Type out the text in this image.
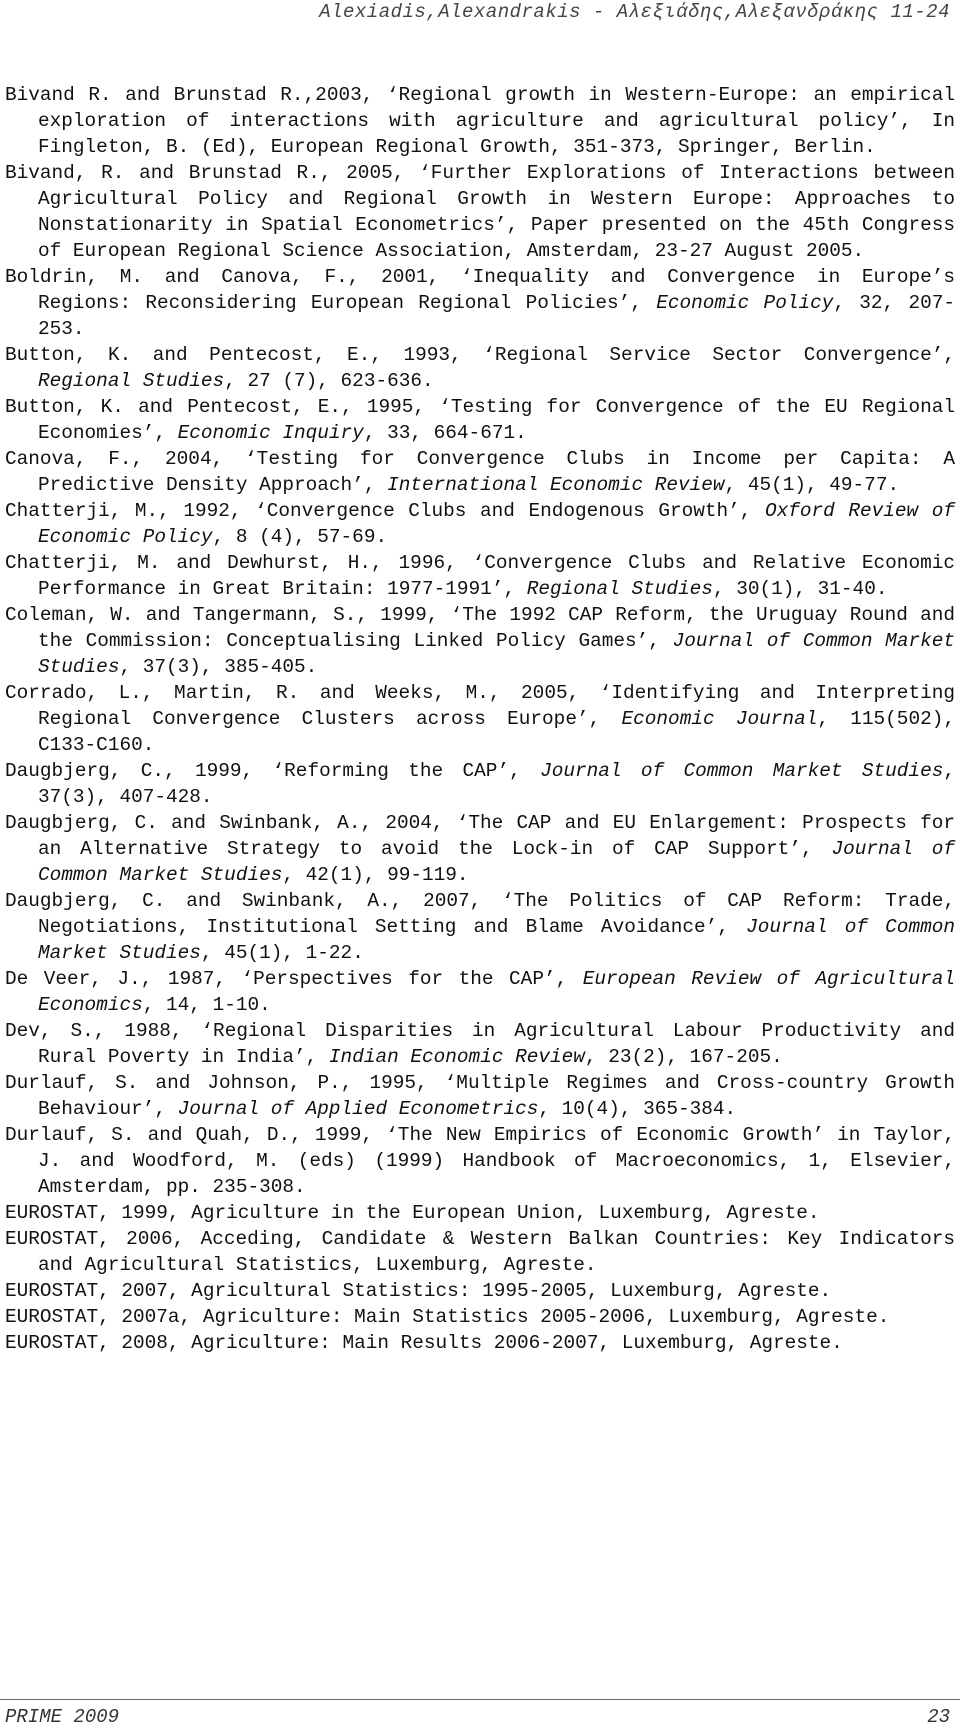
Alexiadis,Alexandrakis - Αλεξιάδης,Αλεξανδράκης 11-24

Bivand R. and Brunstad R.,2003, ‘Regional growth in Western-Europe: an empirical exploration of interactions with agriculture and agricultural policy’, In Fingleton, B. (Ed), European Regional Growth, 351-373, Springer, Berlin.

Bivand, R. and Brunstad R., 2005, ‘Further Explorations of Interactions between Agricultural Policy and Regional Growth in Western Europe: Approaches to Nonstationarity in Spatial Econometrics’, Paper presented on the 45th Congress of European Regional Science Association, Amsterdam, 23-27 August 2005.

Boldrin, M. and Canova, F., 2001, ‘Inequality and Convergence in Europe’s Regions: Reconsidering European Regional Policies’, Economic Policy, 32, 207-253.

Button, K. and Pentecost, E., 1993, ‘Regional Service Sector Convergence’, Regional Studies, 27 (7), 623-636.

Button, K. and Pentecost, E., 1995, ‘Testing for Convergence of the EU Regional Economies’, Economic Inquiry, 33, 664-671.

Canova, F., 2004, ‘Testing for Convergence Clubs in Income per Capita: A Predictive Density Approach’, International Economic Review, 45(1), 49-77.

Chatterji, M., 1992, ‘Convergence Clubs and Endogenous Growth’, Oxford Review of Economic Policy, 8 (4), 57-69.

Chatterji, M. and Dewhurst, H., 1996, ‘Convergence Clubs and Relative Economic Performance in Great Britain: 1977-1991’, Regional Studies, 30(1), 31-40.

Coleman, W. and Tangermann, S., 1999, ‘The 1992 CAP Reform, the Uruguay Round and the Commission: Conceptualising Linked Policy Games’, Journal of Common Market Studies, 37(3), 385-405.

Corrado, L., Martin, R. and Weeks, M., 2005, ‘Identifying and Interpreting Regional Convergence Clusters across Europe’, Economic Journal, 115(502), C133-C160.

Daugbjerg, C., 1999, ‘Reforming the CAP’, Journal of Common Market Studies, 37(3), 407-428.

Daugbjerg, C. and Swinbank, A., 2004, ‘The CAP and EU Enlargement: Prospects for an Alternative Strategy to avoid the Lock-in of CAP Support’, Journal of Common Market Studies, 42(1), 99-119.

Daugbjerg, C. and Swinbank, A., 2007, ‘The Politics of CAP Reform: Trade, Negotiations, Institutional Setting and Blame Avoidance’, Journal of Common Market Studies, 45(1), 1-22.

De Veer, J., 1987, ‘Perspectives for the CAP’, European Review of Agricultural Economics, 14, 1-10.

Dev, S., 1988, ‘Regional Disparities in Agricultural Labour Productivity and Rural Poverty in India’, Indian Economic Review, 23(2), 167-205.

Durlauf, S. and Johnson, P., 1995, ‘Multiple Regimes and Cross-country Growth Behaviour’, Journal of Applied Econometrics, 10(4), 365-384.

Durlauf, S. and Quah, D., 1999, ‘The New Empirics of Economic Growth’ in Taylor, J. and Woodford, M. (eds) (1999) Handbook of Macroeconomics, 1, Elsevier, Amsterdam, pp. 235-308.

EUROSTAT, 1999, Agriculture in the European Union, Luxemburg, Agreste.

EUROSTAT, 2006, Acceding, Candidate & Western Balkan Countries: Key Indicators and Agricultural Statistics, Luxemburg, Agreste.

EUROSTAT, 2007, Agricultural Statistics: 1995-2005, Luxemburg, Agreste.

EUROSTAT, 2007a, Agriculture: Main Statistics 2005-2006, Luxemburg, Agreste.

EUROSTAT, 2008, Agriculture: Main Results 2006-2007, Luxemburg, Agreste.

PRIME 2009	23
